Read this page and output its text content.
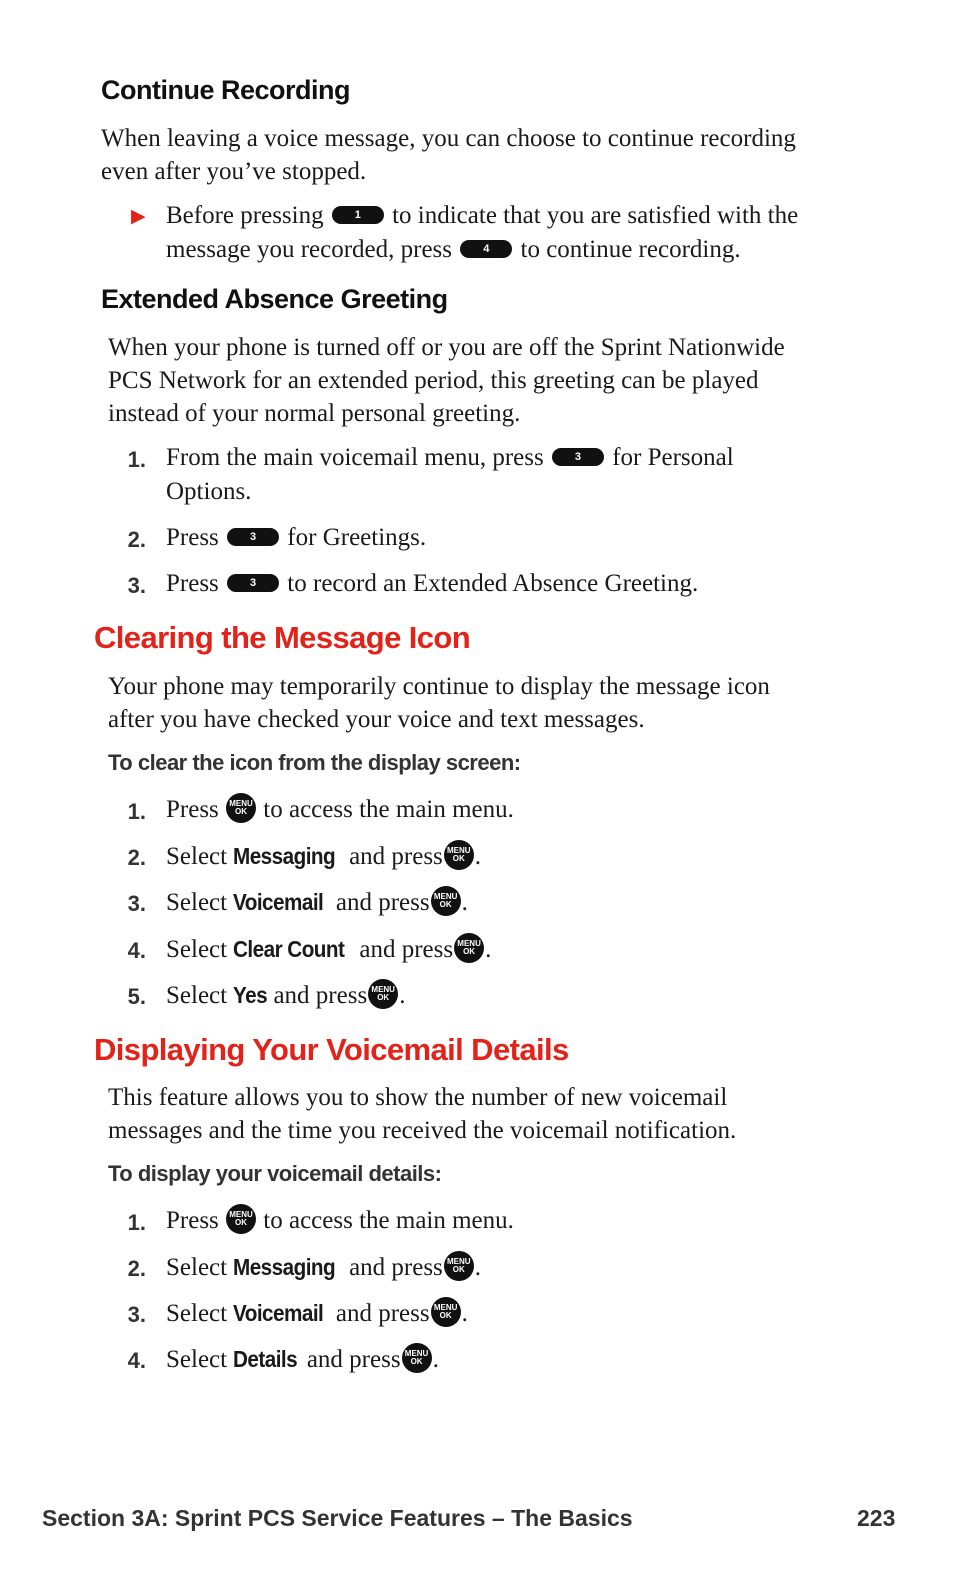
Continue Recording
When leaving a voice message, you can choose to continue recording
even after you’ve stopped.
▶ Before pressing	1 to indicate that you are satisfied with the
message you recorded, press	4 to continue recording.
Extended Absence Greeting
When your phone is turned off or you are off the Sprint Nationwide
PCS Network for an extended period, this greeting can be played
instead of your normal personal greeting.
1. From the main voicemail menu, press	3 for Personal
Options.
2. Press	3 for Greetings.
3. Press	3 to record an Extended Absence Greeting.
Clearing the Message Icon
Your phone may temporarily continue to display the message icon
after you have checked your voice and text messages.
To clear the icon from the display screen:
1. Press MENU
OK to access the main menu.
2. Select Messaging and press MENU
OK .
3. Select Voicemail and press MENU
OK .
4. Select Clear Count and press MENU
OK .
5. Select Yes and press MENU
OK .
Displaying Your Voicemail Details
This feature allows you to show the number of new voicemail
messages and the time you received the voicemail notification.
To display your voicemail details:
1. Press MENU
OK to access the main menu.
2. Select Messaging and press MENU
OK .
3. Select Voicemail and press MENU
OK .
4. Select Details and press MENU
OK .
Section 3A: Sprint PCS Service Features – The Basics	223
